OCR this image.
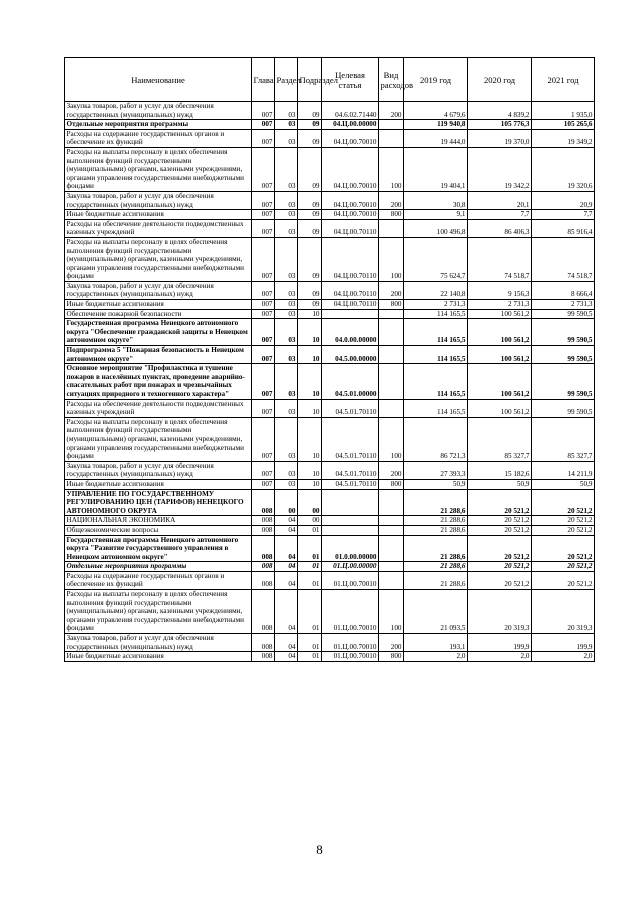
Наименование	Глава	Раздел	Подраздел	Целевая статья	Вид расходов	2019 год	2020 год	2021 год
Закупка товаров, работ и услуг для обеспечения государственных (муниципальных) нужд	007	03	09	04.6.02.71440	200	4 679,6	4 839,2	1 935,0
Отдельные мероприятия программы	007	03	09	04.Ц.00.00000		119 940,8	105 776,3	105 265,6
Расходы на содержание государственных органов и обеспечение их функций	007	03	09	04.Ц.00.70010		19 444,0	19 370,0	19 349,2
Расходы на выплаты персоналу в целях обеспечения выполнения функций государственными (муниципальными) органами, казенными учреждениями, органами управления государственными внебюджетными фондами	007	03	09	04.Ц.00.70010	100	19 404,1	19 342,2	19 320,6
Закупка товаров, работ и услуг для обеспечения государственных (муниципальных) нужд	007	03	09	04.Ц.00.70010	200	30,8	20,1	20,9
Иные бюджетные ассигнования	007	03	09	04.Ц.00.70010	800	9,1	7,7	7,7
Расходы на обеспечение деятельности подведомственных казенных учреждений	007	03	09	04.Ц.00.70110		100 496,8	86 406,3	85 916,4
Расходы на выплаты персоналу в целях обеспечения выполнения функций государственными (муниципальными) органами, казенными учреждениями, органами управления государственными внебюджетными фондами	007	03	09	04.Ц.00.70110	100	75 624,7	74 518,7	74 518,7
Закупка товаров, работ и услуг для обеспечения государственных (муниципальных) нужд	007	03	09	04.Ц.00.70110	200	22 140,8	9 156,3	8 666,4
Иные бюджетные ассигнования	007	03	09	04.Ц.00.70110	800	2 731,3	2 731,3	2 731,3
Обеспечение пожарной безопасности	007	03	10			114 165,5	100 561,2	99 590,5
Государственная программа Ненецкого автономного округа "Обеспечение гражданской защиты в Ненецком автономном округе"	007	03	10	04.0.00.00000		114 165,5	100 561,2	99 590,5
Подпрограмма 5 "Пожарная безопасность в Ненецком автономном округе"	007	03	10	04.5.00.00000		114 165,5	100 561,2	99 590,5
Основное мероприятие "Профилактика и тушение пожаров в населённых пунктах, проведение аварийно-спасательных работ при пожарах и чрезвычайных ситуациях природного и техногенного характера"	007	03	10	04.5.01.00000		114 165,5	100 561,2	99 590,5
Расходы на обеспечение деятельности подведомственных казенных учреждений	007	03	10	04.5.01.70110		114 165,5	100 561,2	99 590,5
Расходы на выплаты персоналу в целях обеспечения выполнения функций государственными (муниципальными) органами, казенными учреждениями, органами управления государственными внебюджетными фондами	007	03	10	04.5.01.70110	100	86 721,3	85 327,7	85 327,7
Закупка товаров, работ и услуг для обеспечения государственных (муниципальных) нужд	007	03	10	04.5.01.70110	200	27 393,3	15 182,6	14 211,9
Иные бюджетные ассигнования	007	03	10	04.5.01.70110	800	50,9	50,9	50,9
УПРАВЛЕНИЕ ПО ГОСУДАРСТВЕННОМУ РЕГУЛИРОВАНИЮ ЦЕН (ТАРИФОВ) НЕНЕЦКОГО АВТОНОМНОГО ОКРУГА	008	00	00			21 288,6	20 521,2	20 521,2
НАЦИОНАЛЬНАЯ ЭКОНОМИКА	008	04	00			21 288,6	20 521,2	20 521,2
Общеэкономические вопросы	008	04	01			21 288,6	20 521,2	20 521,2
Государственная программа Ненецкого автономного округа "Развитие государственного управления в Ненецком автономном округе"	008	04	01	01.0.00.00000		21 288,6	20 521,2	20 521,2
Отдельные мероприятия программы	008	04	01	01.Ц.00.00000		21 288,6	20 521,2	20 521,2
Расходы на содержание государственных органов и обеспечение их функций	008	04	01	01.Ц.00.70010		21 288,6	20 521,2	20 521,2
Расходы на выплаты персоналу в целях обеспечения выполнения функций государственными (муниципальными) органами, казенными учреждениями, органами управления государственными внебюджетными фондами	008	04	01	01.Ц.00.70010	100	21 093,5	20 319,3	20 319,3
Закупка товаров, работ и услуг для обеспечения государственных (муниципальных) нужд	008	04	01	01.Ц.00.70010	200	193,1	199,9	199,9
Иные бюджетные ассигнования	008	04	01	01.Ц.00.70010	800	2,0	2,0	2,0
8
